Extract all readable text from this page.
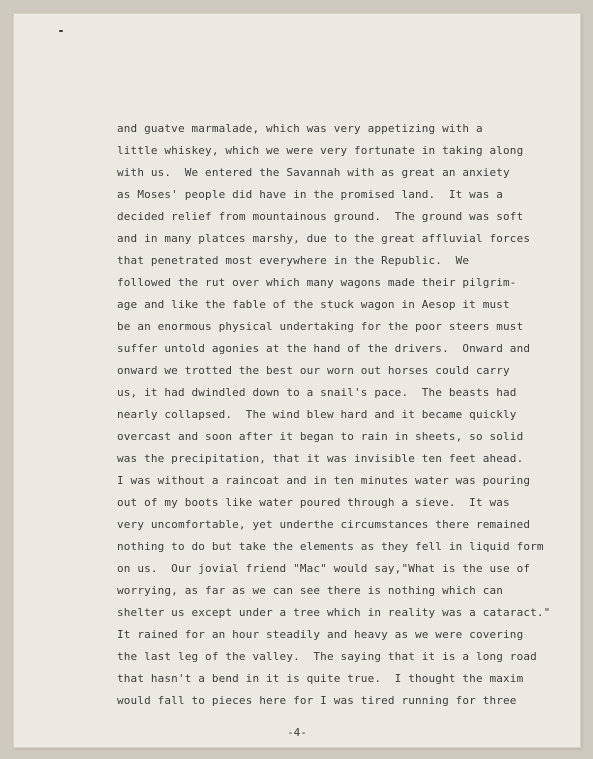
and guatve marmalade, which was very appetizing with a
little whiskey, which we were very fortunate in taking along
with us.  We entered the Savannah with as great an anxiety
as Moses' people did have in the promised land.  It was a
decided relief from mountainous ground.  The ground was soft
and in many platces marshy, due to the great affluvial forces
that penetrated most everywhere in the Republic.  We
followed the rut over which many wagons made their pilgrim-
age and like the fable of the stuck wagon in Aesop it must
be an enormous physical undertaking for the poor steers must
suffer untold agonies at the hand of the drivers.  Onward and
onward we trotted the best our worn out horses could carry
us, it had dwindled down to a snail's pace.  The beasts had
nearly collapsed.  The wind blew hard and it became quickly
overcast and soon after it began to rain in sheets, so solid
was the precipitation, that it was invisible ten feet ahead.
I was without a raincoat and in ten minutes water was pouring
out of my boots like water poured through a sieve.  It was
very uncomfortable, yet underthe circumstances there remained
nothing to do but take the elements as they fell in liquid form
on us.  Our jovial friend "Mac" would say,"What is the use of
worrying, as far as we can see there is nothing which can
shelter us except under a tree which in reality was a cataract."
It rained for an hour steadily and heavy as we were covering
the last leg of the valley.  The saying that it is a long road
that hasn't a bend in it is quite true.  I thought the maxim
would fall to pieces here for I was tired running for three
-4-
